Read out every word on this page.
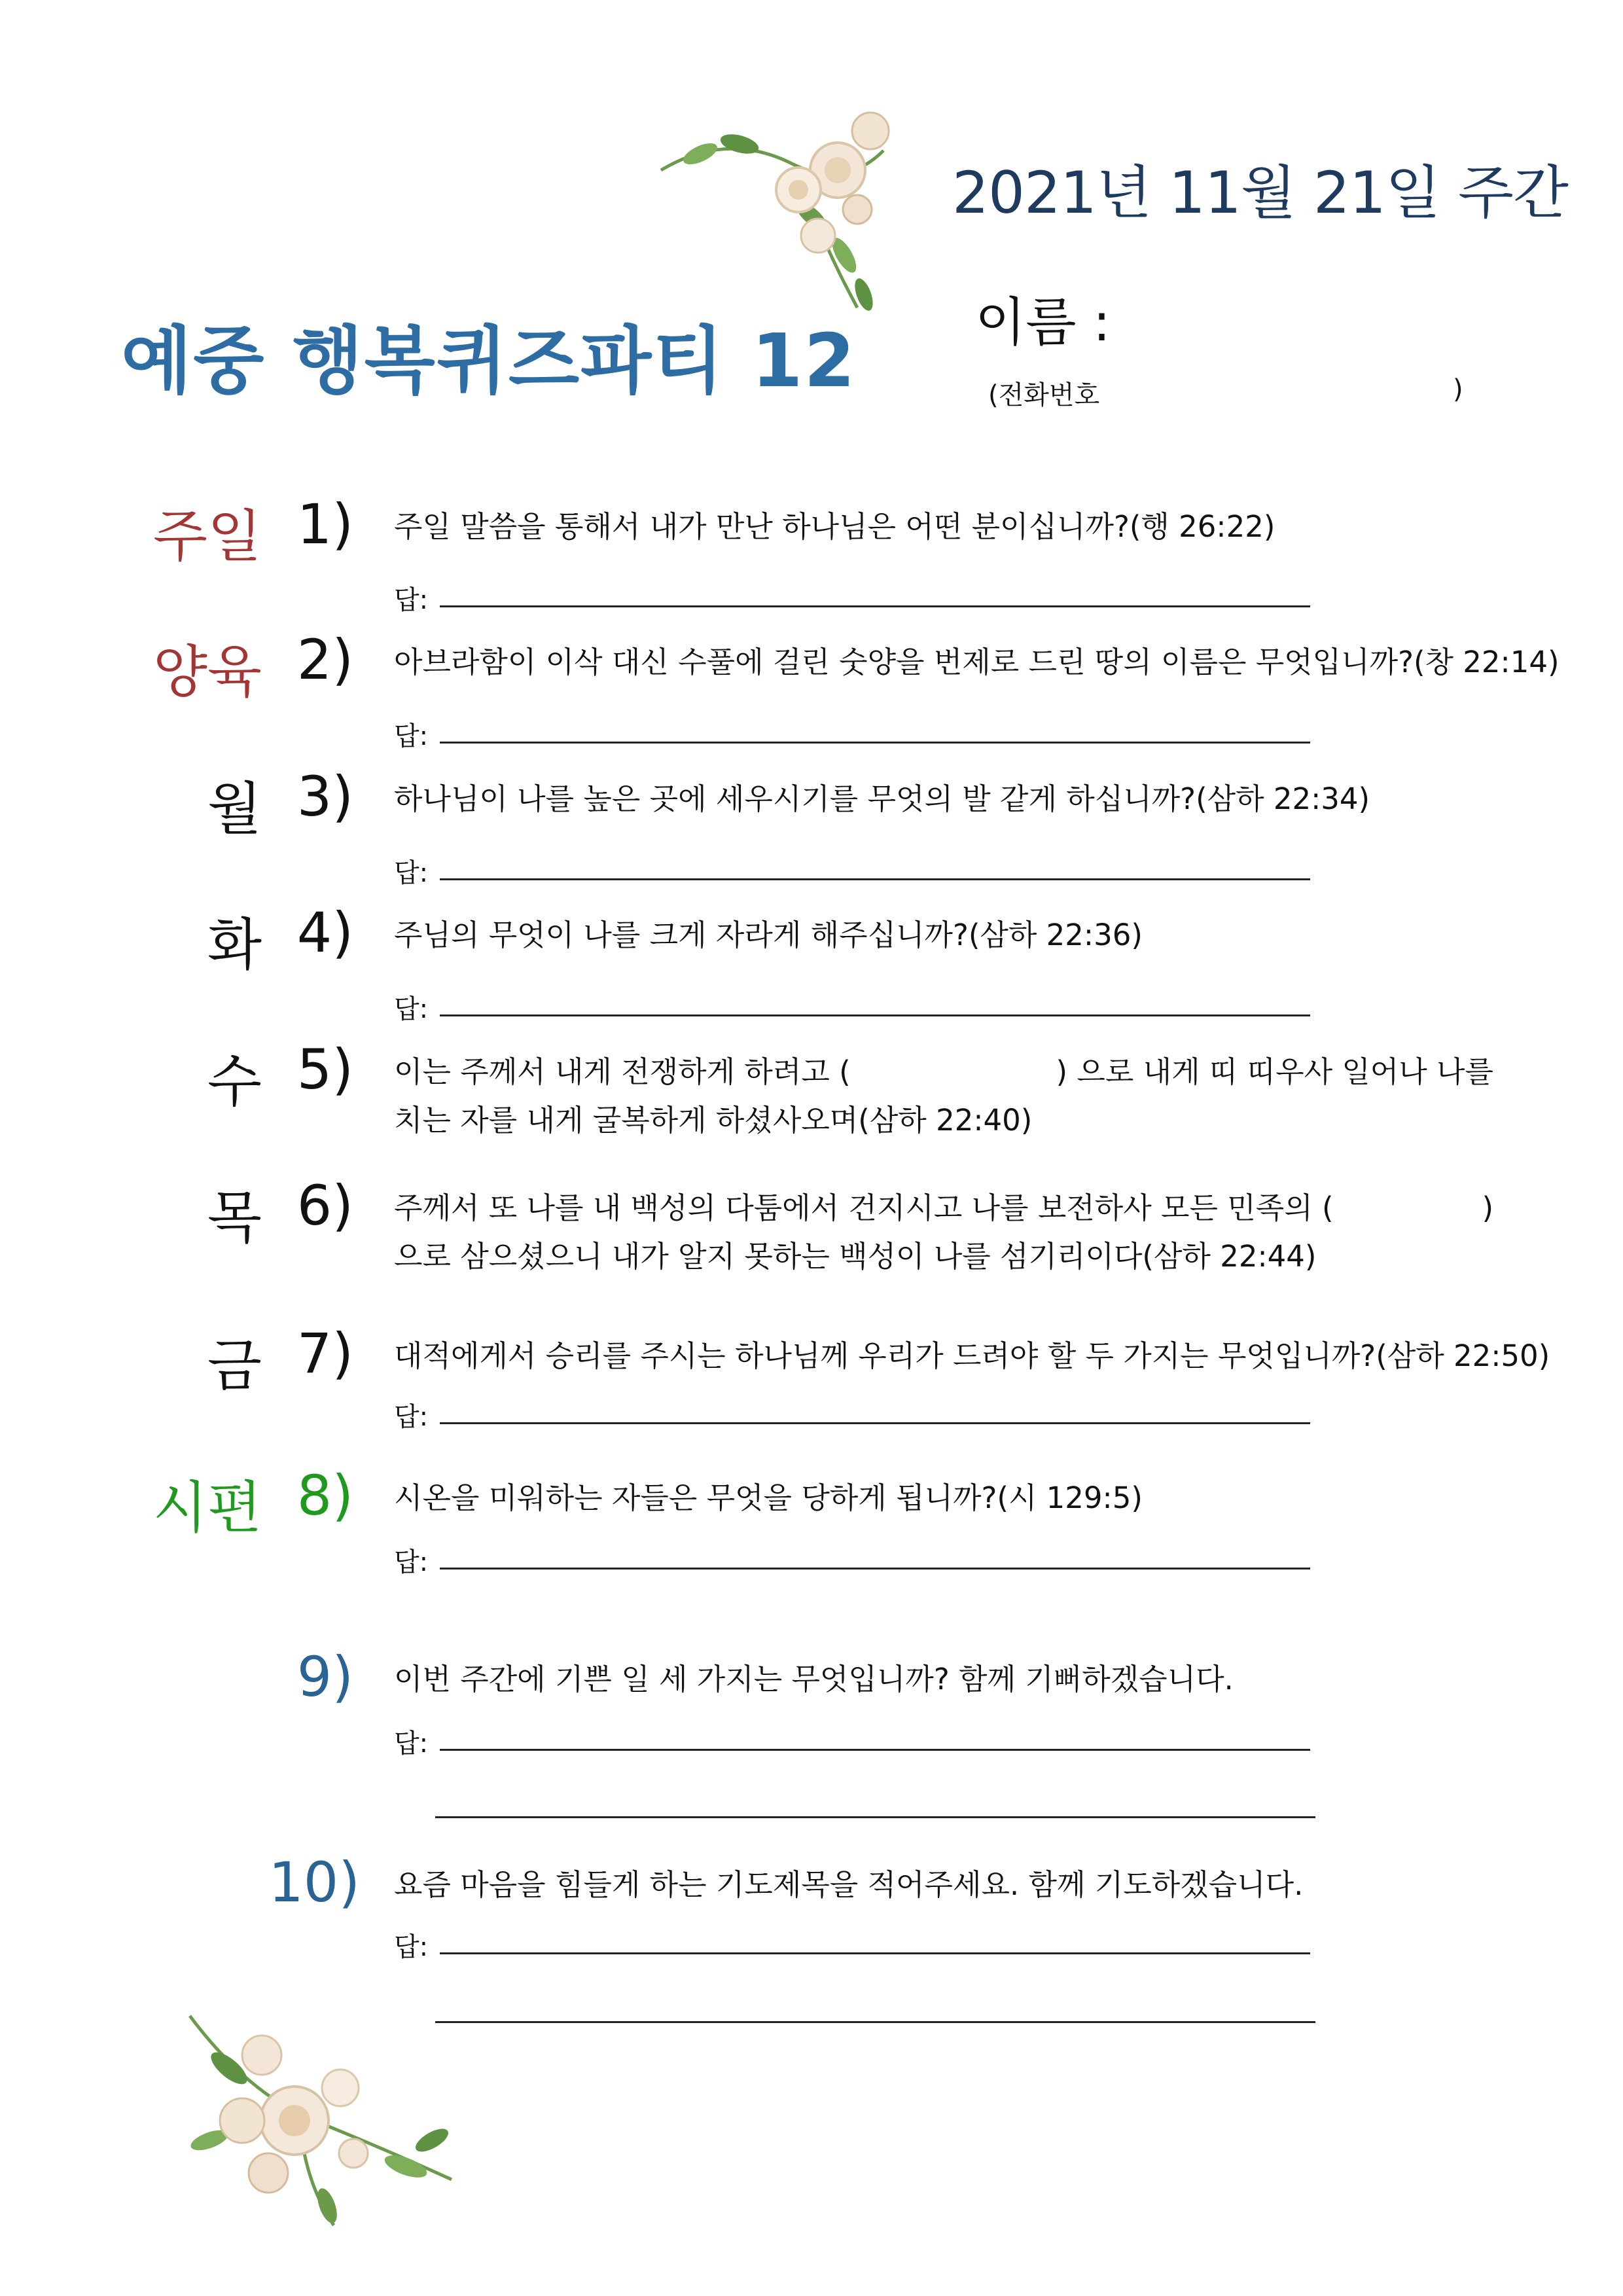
2021년 11월 21일 주간
예중 행복퀴즈파티 12 이름 :
(전화번호	)
주일 1) 주일 말씀을 통해서 내가 만난 하나님은 어떤 분이십니까?(행 26:22)
답:
양육 2) 아브라함이 이삭 대신 수풀에 걸린 숫양을 번제로 드린 땅의 이름은 무엇입니까?(창 22:14)
답:
월 3) 하나님이 나를 높은 곳에 세우시기를 무엇의 발 같게 하십니까?(삼하 22:34)
답:
화 4) 주님의 무엇이 나를 크게 자라게 해주십니까?(삼하 22:36)
답:
수 5) 이는 주께서 내게 전쟁하게 하려고 (	) 으로 내게 띠 띠우사 일어나 나를
치는 자를 내게 굴복하게 하셨사오며(삼하 22:40)
목 6) 주께서 또 나를 내 백성의 다툼에서 건지시고 나를 보전하사 모든 민족의 (	)
으로 삼으셨으니 내가 알지 못하는 백성이 나를 섬기리이다(삼하 22:44)
금 7) 대적에게서 승리를 주시는 하나님께 우리가 드려야 할 두 가지는 무엇입니까?(삼하 22:50)
답:
시편 8) 시온을 미워하는 자들은 무엇을 당하게 됩니까?(시 129:5)
답:
9) 이번 주간에 기쁜 일 세 가지는 무엇입니까? 함께 기뻐하겠습니다.
답:
10) 요즘 마음을 힘들게 하는 기도제목을 적어주세요. 함께 기도하겠습니다.
답:
